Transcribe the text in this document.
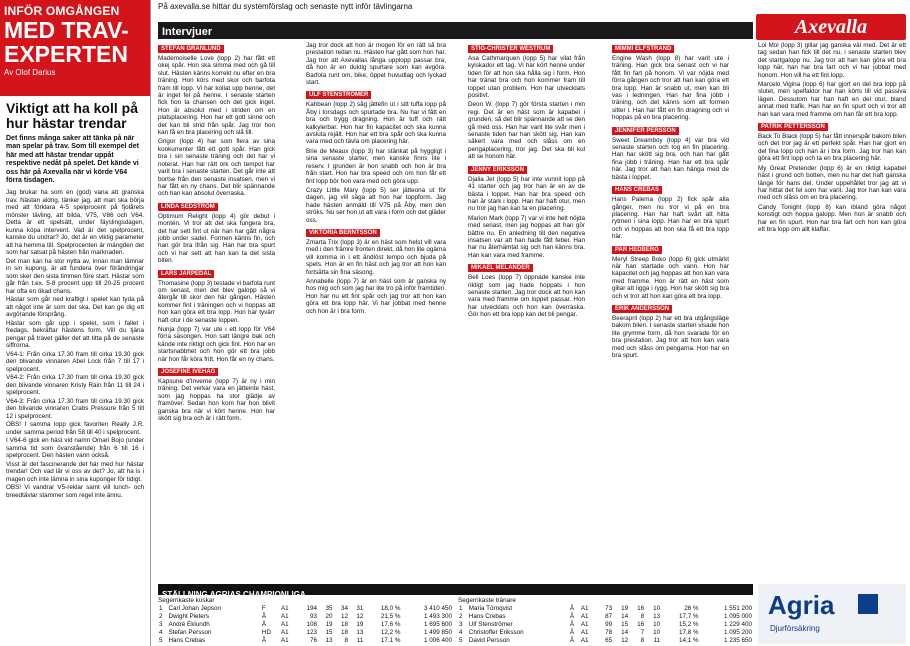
INFÖR OMGÅNGEN
MED TRAV-
EXPERTEN
Av Olof Darius
Viktigt att ha koll på hur hästar trendar
Det finns många saker att tänka på när man spelar på trav. Som till exempel det här med att hästar trendar uppåt respektive nedåt på spelet. Det kände vi oss här på Axevalla när vi körde V64 förra tisdagen.

Jag brukar ha som en (god) vana att granska trav. Nästan aldrig, tänker jag, att man ska börja med att förklara 4-5 spelprocent på fjolårets mönster tävling, att bilda, V75, V86 och V64. Detta är ett spelsätt, under fäyslingsdagen, kunna köpa intervent. Vad är det spelprocent, kanske du undrar? Jo, det är en viktig parameter att ha hemma till. Spelprocenten är mängden det som har satsat på hästen från marknaden.

Det man kan ha stor nytta av, innan man lämnar in sin kupong, är att fundera över förändringar som sker den sista timmen före start. Hästar som går från t.ex. 5-8 procent upp till 20-25 procent har ofta en ökad chans.

Hästar som går ned kraftigt i spelet kan tyda på att något inte är som det ska. Det kan ge dig ett avgörande försprång.

Hästar som går upp i spelet, som i fallet i fredags, bekräftar hästens form. Vill du tjäna pengar på travet gäller det att titta på de senaste siffrorna.

V64-1: Från cirka 17.30 fram till cirka 19.30 gick den blivande vinnaren Abel Lock från 7 till 17 i spelprocent.

V64-2: Från cirka 17.30 fram till cirka 19.30 gick den blivande vinnaren Kristy Rain från 11 till 24 i spelprocent.

V64-3: Från cirka 17.30 fram till cirka 19.30 gick den blivande vinnaren Crabs Pressure från 5 till 12 i spelprocent.

OBS! I samma lopp gick favoriten Really J.R. under samma period från 58 till 40 i spelprocent.

I V64-6 gick en häst vid namn Omari Bojo (under samma tid som övanstående) från 6 till 16 i spelprocent. Den hästen vann också.

Visst är det fascinerande det här med hur hästar trendar! Och vad lär vi oss av det? Jo, att ha is i magen och inte lämna in sina kuponger för tidigt.

OBS! Vi vandrar V5-reklar samt vill lunch- och breedtävlar stammer som regel inte ännu.

På axevalla.se hittar du systemförslag och senaste nytt inför tävlingarna
Axevalla
Intervjuer
STEFAN GRANLUND

Mademoiselle Love (lopp 2) har fått ett okej spår. Hon ska simma med och gå till slut. Hästen känns korrekt nu efter en bra träning. Hon körs med skor och barfota fram till lopp. Vi har kollat upp henne, det är inget fel på henne. I senaste starten fick hon ta chansen och det gick inget. Hon är absolut med i striden om en platsplacering. Hon har ett gott sinne och det kan bli strid från spår. Jag tror hon kan få en bra placering och slå till.

Grigor (lopp 4) har som flera av sina konkurrenter fått ett gott spår. Han gick bra i sin senaste träning och det har vi noterat. Han har rätt ork och tempot har varit bra i senaste starten. Det går inte att bortse från den senaste insatsen, men vi har fått en ny chans. Det blir spännande och han kan absolut överraska.

LINDA SEDSTRÖM

Optimum Relight (lopp 4) gör debut i montén. Vi tror att det ska fungera bra, det har sett fint ut när han har gått några jobb under sadel. Formen känns fin, och han gör bra ifrån sig. Han har bra spurt och vi har sett att han kan ta det sista biten.

LARS JARPEDAL

Thomasine (lopp 3) testade vi barfota runt om senast, men det blev galopp så vi återgår till skor den här gången. Hästen kommer fint i träningen och vi hoppas att hon kan göra ett bra lopp. Hon har tyvärr haft otur i de senaste loppen.

Nunja (lopp 7) var ute i ett lopp för V64 förra säsongen. Hon satt längre bak och kände inte riktigt och gick fint. Hon har en startsnabbhet och hon gör ett bra jobb när hon får köra fritt. Hon får en ny chans.

JOSEFINE IVEHAG

Kapsune d'Inverne (lopp 7) är ny i min träning. Det verkar vara en jätteinte häst, som jag hoppas ha stor glädje av framöver. Sedan hon kom har hon blivit ganska bra när vi kört henne. Hon har skött sig bra och är i rätt form.

Jag tror dock att hon är mogen för en rätt så bra prestation redan nu. Hästen har gått som hon har. Jag tror att Axevallas långa upplopp passar bra, då hon är en duktig spurtare som kan avgöra. Barfota runt om, bike, öppet huvudlag och lyckad start.

ULF STENSTRÖMER

Kahbean (lopp 2) såg jättefin ut i sitt tuffa lopp på Åby i torsdags och spurtade bra. Nu har vi fått en bra och trygg dragning. Hon är tuff och rätt kalkylerbar. Hon har fin kapacitet och ska kunna avsluta rejält. Hon har ett bra spår och ska kunna vara med och tävla om placering här.

Brie de Meaux (lopp 3) har stänkat på hyggligt i sina senaste starter, men kanske finns lite i reserv. I grunden är hon snabb och hon är bra från start. Hon har bra speed och om hon får ett fint lopp bör hon vara med och göra upp.

Crazy Little Mary (lopp 5) ser jätteona ut för dagen, jag vill säga att hon har toppform. Jag hade hästen anmäld till V75 på Åby, men den ströks. Nu ser hon ut att vara i form och det gläder oss.

VIKTORIA BERNTSSON

Zmarta Trix (lopp 3) är en häst som helst vill vara med i den främre fronten direkt, då hon lite ogärna vill komma in i ett ändlöst tempo och bjuda på spets. Hon är en fin häst och jag tror att hon kan fortsätta sin fina säsong.

Annabelle (lopp 7) är en häst som är ganska ny hos mig och som jag har lite tro på inför framtiden. Hon har nu ett fint spår och jag tror att hon kan göra ett bra lopp här. Vi har jobbat med henne och hon är i bra form.

STIG-CHRISTER WESTRUM

Asa Cathmarquen (lopp 5) har vilat från kylskador ett tag. Vi har kört henne under tiden för att hon ska hålla sig i form. Hon har tränat bra och hon kommer fram till loppet utan problem. Hon har utvecklats positivt.

Deon W. (lopp 7) gör första starten i min regi. Det är en häst som är kapabel i grunden, så det blir spännande att se den gå med oss. Han har varit lite svår men i senaste tiden har han skött sig. Han kan säkert vara med och slåss om en pengaplacering, tror jag. Det ska bli kul att se honom här.

JENNY ERIKSSON

Djalia Jet (lopp 5) har inte vunnit lopp på 41 starter och jag tror han är en av de bästa i loppet. Han har bra speed och han är stark i lopp. Han har haft otur, men nu tror jag han kan ta en placering.

Marion Mark (lopp 7) var vi inte helt nöjda med senast, men jag hoppas att han gör bättre nu. En anledning till den negativa insatsen var att han hade fått feber. Han har nu återhämtat sig och han känns bra. Han kan vara med framme.

MIKAEL MELANDER

Bell Loes (lopp 7) öppnade kanske inte riktigt som jag hade hoppats i hon senaste starten. Jag tror dock att hon kan vara med framme om loppet passar. Hon har utvecklats och hon kan överraska. Gör hon ett bra lopp kan det bli pengar.

MIMMI ELFSTRAND

Engine Wash (lopp 8) har varit ute i träning. Han gick bra senast och vi har fått fin fart på honom. Vi var nöjda med förra gången och tror att han kan göra ett bra lopp. Han är snabb ut, men kan bli vas i ledningen. Han har fina jobb i träning, och det känns som att formen sitter i. Han har fått en fin dragning och vi hoppas på en bra placering.

JENNIFER PERSSON

Sweet Dreamboy (lopp 4) var bra vid senaste starten och tog en fin placering. Han har skött sig bra, och han har gått fina jobb i träning. Han har ett bra spår här. Jag tror att han kan hänga med de bästa i loppet.

HANS CREBAS

Hans Palema (lopp 2) fick spår alla gånger, men nu tror vi på en bra placering. Han har haft svårt att hitta rytmen i sina lopp. Han har en bra spurt och vi hoppas att hon ska få ett bra lopp här.

PAR HEDBERG

Meryl Streep Boko (lopp 6) gick utmärkt när han startade och vann. Hon har kapacitet och jag hoppas att hon kan vara med framme. Hon är rätt en häst som gillar att ligga i rygg. Hon har skött sig bra och vi tror att hon kan göra ett bra lopp.

ERIK ANDERSSON

Beerapril (lopp 2) har ett bra utgångsläge bakom bilen. I senaste starten visade hon lite grymme form, då hon svarade för en bra prestation. Jag tror att hon kan vara med och slåss om pengarna. Hon har en bra spurt.

Loi Moi (lopp 3) gillar jag ganska väl med. Det är ett tag sedan han fick till det nu, i senaste starten blev det startgalopp nu. Jag tror att han kan göra ett bra lopp här, han har bra fart och vi har jobbat med honom. Hon vill ha ett fint lopp.

Marcelo Vigina (lopp 6) har gjort en del bra lopp på slutet, men spelfaktor har han körts till vid passiva lägen. Dessutom har han haft en del otur, bland annat med trafik. Han har en fin spurt och vi tror att han kan vara med framme om han får ett bra lopp.

PATRIK PETTERSSON

Back To Black (lopp 5) har fått innerspår bakom bilen och det tror jag är ett perfekt spår. Han har gjort en del fina lopp och han är i bra form. Jag tror han kan göra ett fint lopp och ta en bra placering här.

My Great Pretender (lopp 6) är en riktigt kapabel häst i grund och botten, men nu har det haft ganska länge för hans del. Under uppehållet tror jag att vi har hittat det fel som har varit. Jag tror han kan vara med och slåss om en bra placering.

Candy Tonight (lopp 8) kan ibland göra något konstigt och hoppa galopp. Men hon är snabb och har en fin spurt. Hon har bra fart och hon kan göra ett bra lopp om allt klaffar.

STÄLLNING AGRIAS CHAMPIONLIGA
Segerrikaste kuskar
1	Carl Johan Jepson	F	A1	194	35	34	31	18,0 %	3 410 450
2	Dwight Pieters	Å	A1	93	20	12	12	21,5 %	1 493 300
3	André Eklundh	Å	A1	108	19	18	19	17,6 %	1 695 600
4	Stefan Persson	HD	A1	123	15	18	13	12,2 %	1 499 850
5	Hans Crebas	Å	A1	76	13	8	11	17,1 %	1 006 400
Segerrikaste tränare
1	Maria Törnqvist	Å	A1	73	19	16	10	26 %	1 551 200
2	Hans Crebas	Å	A1	87	14	8	13	17,7 %	1 095 000
3	Ulf Stenströmer	Å	A1	99	15	16	10	15,2 %	1 229 400
4	Christoffer Eriksson	Å	A1	78	14	7	10	17,8 %	1 095 200
5	David Persson	Å	A1	65	12	8	11	14,1 %	1 235 650
Agria
Djurförsäkring
